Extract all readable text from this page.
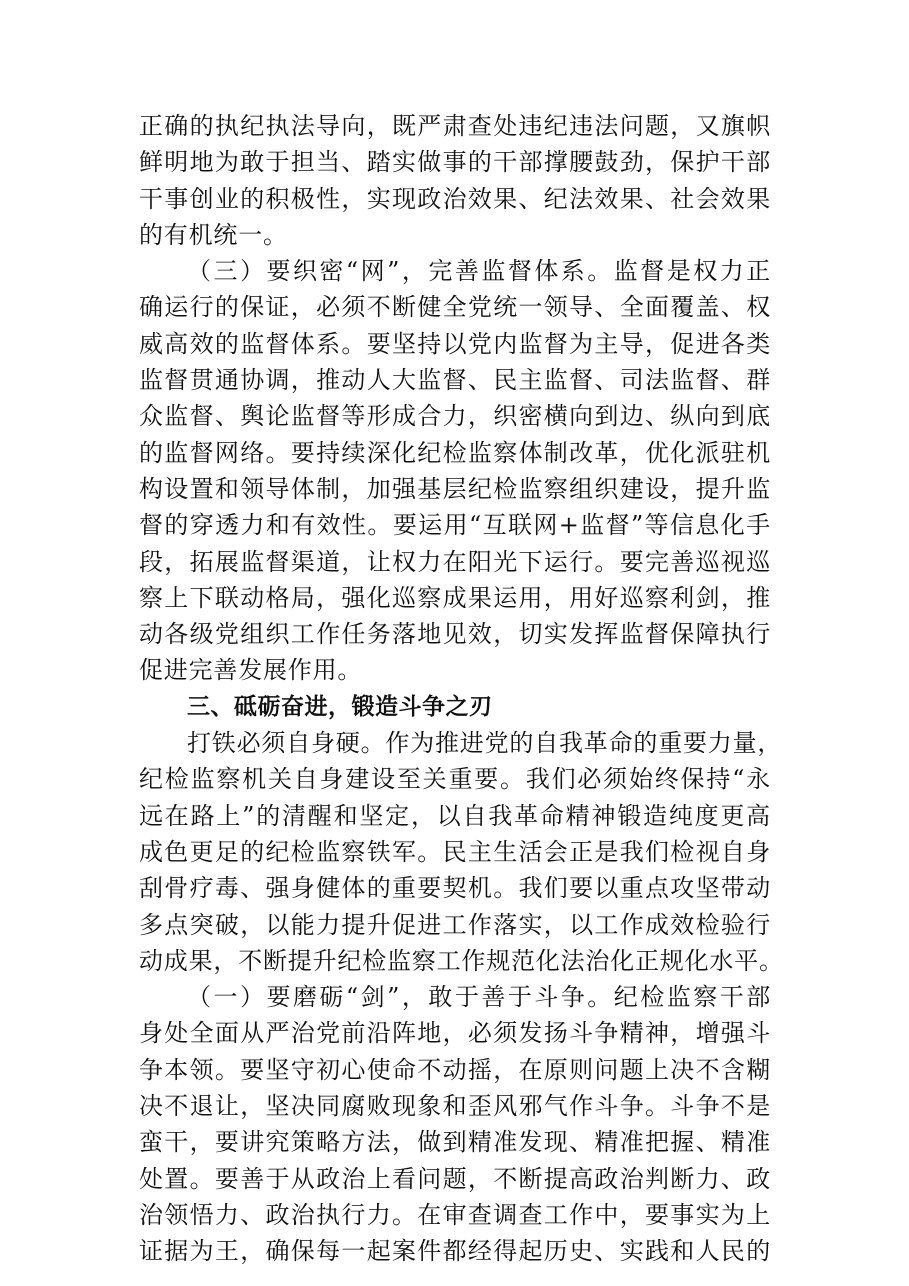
正确的执纪执法导向，既严肃查处违纪违法问题，又旗帜
鲜明地为敢于担当、踏实做事的干部撑腰鼓劲，保护干部
干事创业的积极性，实现政治效果、纪法效果、社会效果
的有机统一。
（三）要织密“网”，完善监督体系。监督是权力正
确运行的保证，必须不断健全党统一领导、全面覆盖、权
威高效的监督体系。要坚持以党内监督为主导，促进各类
监督贯通协调，推动人大监督、民主监督、司法监督、群
众监督、舆论监督等形成合力，织密横向到边、纵向到底
的监督网络。要持续深化纪检监察体制改革，优化派驻机
构设置和领导体制，加强基层纪检监察组织建设，提升监
督的穿透力和有效性。要运用“互联网+监督”等信息化手
段，拓展监督渠道，让权力在阳光下运行。要完善巡视巡
察上下联动格局，强化巡察成果运用，用好巡察利剑，推
动各级党组织工作任务落地见效，切实发挥监督保障执行
促进完善发展作用。
三、砥砺奋进，锻造斗争之刃
打铁必须自身硬。作为推进党的自我革命的重要力量，
纪检监察机关自身建设至关重要。我们必须始终保持“永
远在路上”的清醒和坚定，以自我革命精神锻造纯度更高
成色更足的纪检监察铁军。民主生活会正是我们检视自身
刮骨疗毒、强身健体的重要契机。我们要以重点攻坚带动
多点突破，以能力提升促进工作落实，以工作成效检验行
动成果，不断提升纪检监察工作规范化法治化正规化水平。
（一）要磨砺“剑”，敢于善于斗争。纪检监察干部
身处全面从严治党前沿阵地，必须发扬斗争精神，增强斗
争本领。要坚守初心使命不动摇，在原则问题上决不含糊
决不退让，坚决同腐败现象和歪风邪气作斗争。斗争不是
蛮干，要讲究策略方法，做到精准发现、精准把握、精准
处置。要善于从政治上看问题，不断提高政治判断力、政
治领悟力、政治执行力。在审查调查工作中，要事实为上
证据为王，确保每一起案件都经得起历史、实践和人民的
